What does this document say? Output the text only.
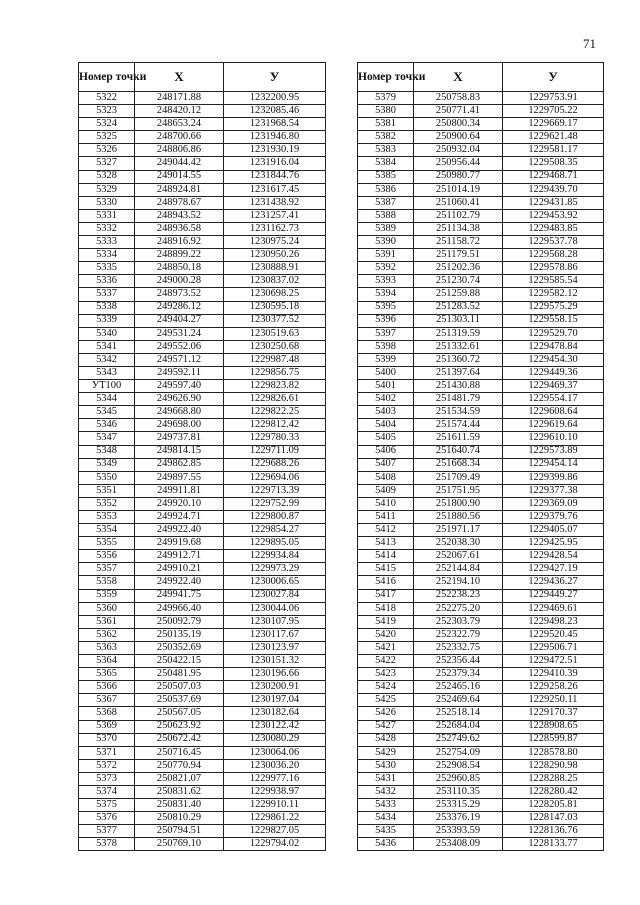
71
Номер точки	X	У
5322	248171.88	1232200.95
5323	248420.12	1232085.46
5324	248653.24	1231968.54
5325	248700.66	1231946.80
5326	248806.86	1231930.19
5327	249044.42	1231916.04
5328	249014.55	1231844.76
5329	248924.81	1231617.45
5330	248978.67	1231438.92
5331	248943.52	1231257.41
5332	248936.58	1231162.73
5333	248916.92	1230975.24
5334	248899.22	1230950.26
5335	248850.18	1230888.91
5336	249000.28	1230837.02
5337	248973.52	1230698.25
5338	249286.12	1230595.18
5339	249404.27	1230377.52
5340	249531.24	1230519.63
5341	249552.06	1230250.68
5342	249571.12	1229987.48
5343	249592.11	1229856.75
УТ100	249597.40	1229823.82
5344	249626.90	1229826.61
5345	249668.80	1229822.25
5346	249698.00	1229812.42
5347	249737.81	1229780.33
5348	249814.15	1229711.09
5349	249862.85	1229688.26
5350	249897.55	1229694.06
5351	249911.81	1229713.39
5352	249920.10	1229752.99
5353	249924.71	1229800.87
5354	249922.40	1229854.27
5355	249919.68	1229895.05
5356	249912.71	1229934.84
5357	249910.21	1229973.29
5358	249922.40	1230006.65
5359	249941.75	1230027.84
5360	249966.40	1230044.06
5361	250092.79	1230107.95
5362	250135.19	1230117.67
5363	250352.69	1230123.97
5364	250422.15	1230151.32
5365	250481.95	1230196.66
5366	250507.03	1230200.91
5367	250537.69	1230197.04
5368	250567.05	1230182.64
5369	250623.92	1230122.42
5370	250672.42	1230080.29
5371	250716.45	1230064.06
5372	250770.94	1230036.20
5373	250821.07	1229977.16
5374	250831.62	1229938.97
5375	250831.40	1229910.11
5376	250810.29	1229861.22
5377	250794.51	1229827.05
5378	250769.10	1229794.02
Номер точки	X	У
5379	250758.83	1229753.91
5380	250771.41	1229705.22
5381	250800.34	1229669.17
5382	250900.64	1229621.48
5383	250932.04	1229581.17
5384	250956.44	1229508.35
5385	250980.77	1229468.71
5386	251014.19	1229439.70
5387	251060.41	1229431.85
5388	251102.79	1229453.92
5389	251134.38	1229483.85
5390	251158.72	1229537.78
5391	251179.51	1229568.28
5392	251202.36	1229578.86
5393	251230.74	1229585.54
5394	251259.88	1229582.12
5395	251283.52	1229575.29
5396	251303.11	1229558.15
5397	251319.59	1229529.70
5398	251332.61	1229478.84
5399	251360.72	1229454.30
5400	251397.64	1229449.36
5401	251430.88	1229469.37
5402	251481.79	1229554.17
5403	251534.59	1229608.64
5404	251574.44	1229619.64
5405	251611.59	1229610.10
5406	251640.74	1229573.89
5407	251668.34	1229454.14
5408	251709.49	1229399.86
5409	251751.95	1229377.38
5410	251800.90	1229369.09
5411	251880.56	1229379.76
5412	251971.17	1229405.07
5413	252038.30	1229425.95
5414	252067.61	1229428.54
5415	252144.84	1229427.19
5416	252194.10	1229436.27
5417	252238.23	1229449.27
5418	252275.20	1229469.61
5419	252303.79	1229498.23
5420	252322.79	1229520.45
5421	252332.75	1229506.71
5422	252356.44	1229472.51
5423	252379.34	1229410.39
5424	252465.16	1229258.26
5425	252469.64	1229250.11
5426	252518.14	1229170.37
5427	252684.04	1228908.65
5428	252749.62	1228599.87
5429	252754.09	1228578.80
5430	252908.54	1228290.98
5431	252960.85	1228288.25
5432	253110.35	1228280.42
5433	253315.29	1228205.81
5434	253376.19	1228147.03
5435	253393.59	1228136.76
5436	253408.09	1228133.77
